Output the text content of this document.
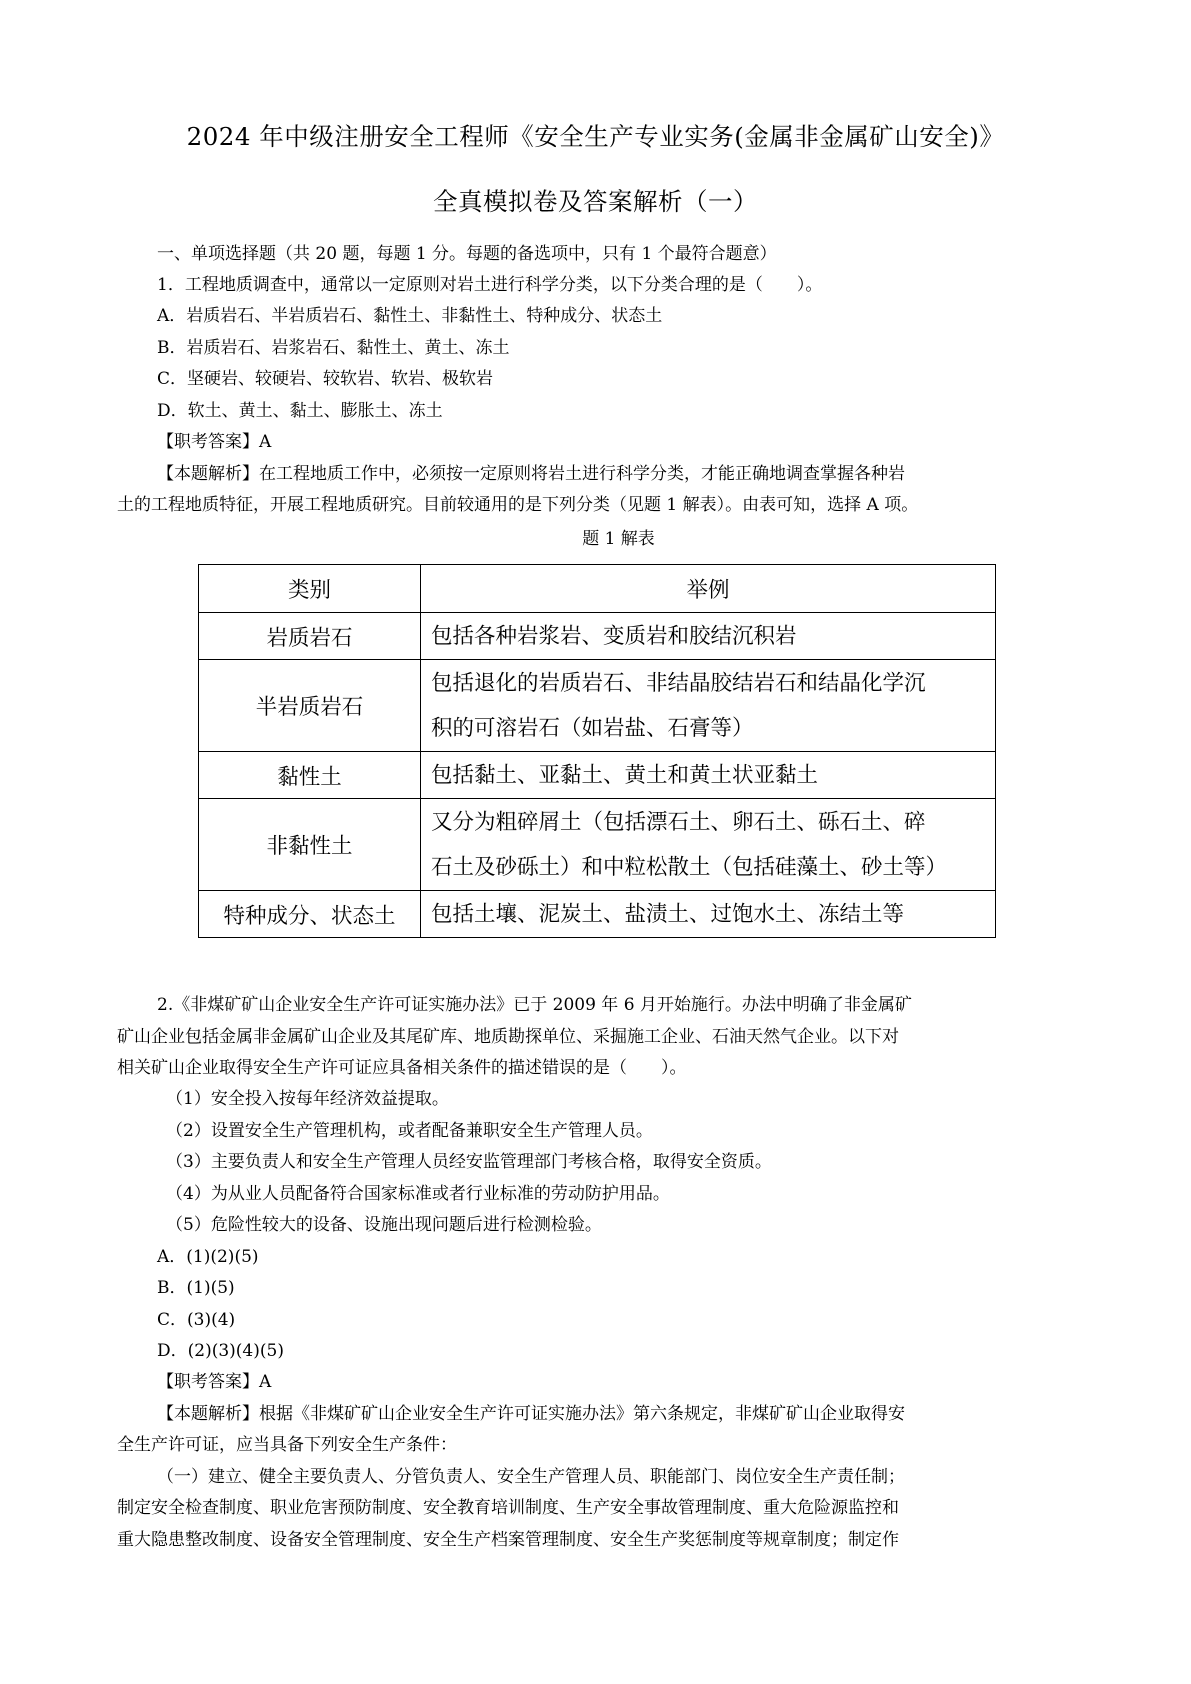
2024 年中级注册安全工程师《安全生产专业实务(金属非金属矿山安全)》
全真模拟卷及答案解析（一）
一、单项选择题（共 20 题，每题 1 分。每题的备选项中，只有 1 个最符合题意）
1．工程地质调查中，通常以一定原则对岩土进行科学分类，以下分类合理的是（　　）。
A．岩质岩石、半岩质岩石、黏性土、非黏性土、特种成分、状态土
B．岩质岩石、岩浆岩石、黏性土、黄土、冻土
C．坚硬岩、较硬岩、较软岩、软岩、极软岩
D．软土、黄土、黏土、膨胀土、冻土
【职考答案】A
【本题解析】在工程地质工作中，必须按一定原则将岩土进行科学分类，才能正确地调查掌握各种岩
土的工程地质特征，开展工程地质研究。目前较通用的是下列分类（见题 1 解表）。由表可知，选择 A 项。
题 1 解表
类别	举例
岩质岩石	包括各种岩浆岩、变质岩和胶结沉积岩

半岩质岩石	包括退化的岩质岩石、非结晶胶结岩石和结晶化学沉
积的可溶岩石（如岩盐、石膏等）

黏性土	包括黏土、亚黏土、黄土和黄土状亚黏土

非黏性土	又分为粗碎屑土（包括漂石土、卵石土、砾石土、碎
石土及砂砾土）和中粒松散土（包括硅藻土、砂土等）

特种成分、状态土	包括土壤、泥炭土、盐渍土、过饱水土、冻结土等
2.《非煤矿矿山企业安全生产许可证实施办法》已于 2009 年 6 月开始施行。办法中明确了非金属矿
矿山企业包括金属非金属矿山企业及其尾矿库、地质勘探单位、采掘施工企业、石油天然气企业。以下对
相关矿山企业取得安全生产许可证应具备相关条件的描述错误的是（　　）。
（1）安全投入按每年经济效益提取。
（2）设置安全生产管理机构，或者配备兼职安全生产管理人员。
（3）主要负责人和安全生产管理人员经安监管理部门考核合格，取得安全资质。
（4）为从业人员配备符合国家标准或者行业标准的劳动防护用品。
（5）危险性较大的设备、设施出现问题后进行检测检验。
A．(1)(2)(5)
B．(1)(5)
C．(3)(4)
D．(2)(3)(4)(5)
【职考答案】A
【本题解析】根据《非煤矿矿山企业安全生产许可证实施办法》第六条规定，非煤矿矿山企业取得安
全生产许可证，应当具备下列安全生产条件：
（一）建立、健全主要负责人、分管负责人、安全生产管理人员、职能部门、岗位安全生产责任制；
制定安全检查制度、职业危害预防制度、安全教育培训制度、生产安全事故管理制度、重大危险源监控和
重大隐患整改制度、设备安全管理制度、安全生产档案管理制度、安全生产奖惩制度等规章制度；制定作
